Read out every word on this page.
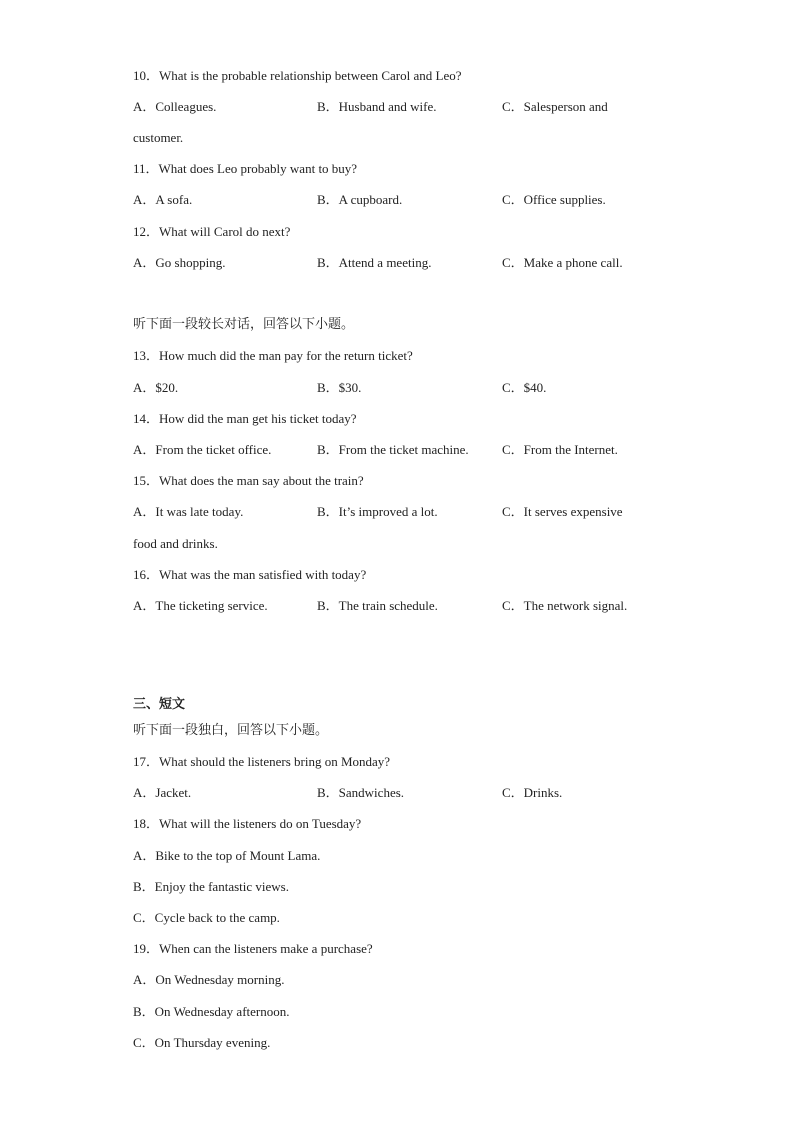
10．What is the probable relationship between Carol and Leo?
A．Colleagues.	B．Husband and wife.	C．Salesperson and
customer.
11．What does Leo probably want to buy?
A．A sofa.	B．A cupboard.	C．Office supplies.
12．What will Carol do next?
A．Go shopping.	B．Attend a meeting.	C．Make a phone call.
听下面一段较长对话，回答以下小题。
13．How much did the man pay for the return ticket?
A．$20.	B．$30.	C．$40.
14．How did the man get his ticket today?
A．From the ticket office.	B．From the ticket machine.	C．From the Internet.
15．What does the man say about the train?
A．It was late today.	B．It’s improved a lot.	C．It serves expensive
food and drinks.
16．What was the man satisfied with today?
A．The ticketing service.	B．The train schedule.	C．The network signal.
三、短文
听下面一段独白，回答以下小题。
17．What should the listeners bring on Monday?
A．Jacket.	B．Sandwiches.	C．Drinks.
18．What will the listeners do on Tuesday?
A．Bike to the top of Mount Lama.
B．Enjoy the fantastic views.
C．Cycle back to the camp.
19．When can the listeners make a purchase?
A．On Wednesday morning.
B．On Wednesday afternoon.
C．On Thursday evening.
